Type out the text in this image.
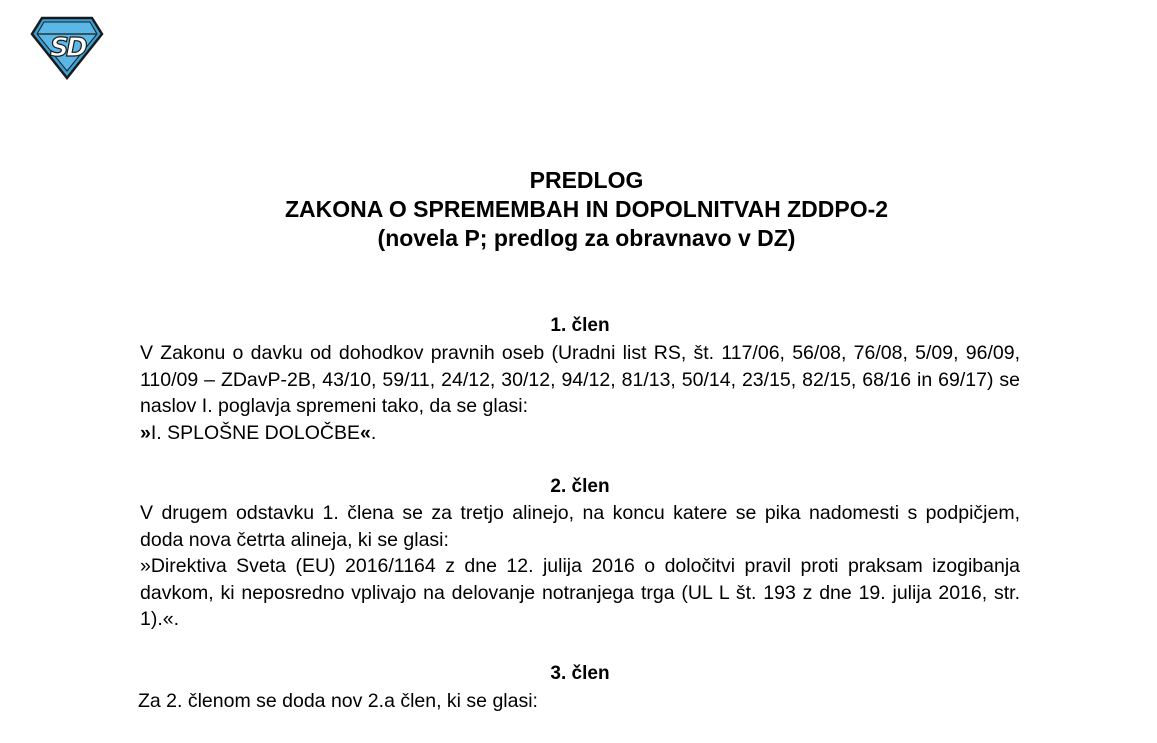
S
D
PREDLOG
ZAKONA O SPREMEMBAH IN DOPOLNITVAH ZDDPO-2
(novela P; predlog za obravnavo v DZ)
1. člen
V Zakonu o davku od dohodkov pravnih oseb (Uradni list RS, št. 117/06, 56/08, 76/08, 5/09, 96/09, 110/09 – ZDavP-2B, 43/10, 59/11, 24/12, 30/12, 94/12, 81/13, 50/14, 23/15, 82/15, 68/16 in 69/17) se naslov I. poglavja spremeni tako, da se glasi:
»I. SPLOŠNE DOLOČBE«.
2. člen
V drugem odstavku 1. člena se za tretjo alinejo, na koncu katere se pika nadomesti s podpičjem, doda nova četrta alineja, ki se glasi:
»Direktiva Sveta (EU) 2016/1164 z dne 12. julija 2016 o določitvi pravil proti praksam izogibanja davkom, ki neposredno vplivajo na delovanje notranjega trga (UL L št. 193 z dne 19. julija 2016, str. 1).«.
3. člen
Za 2. členom se doda nov 2.a člen, ki se glasi:
